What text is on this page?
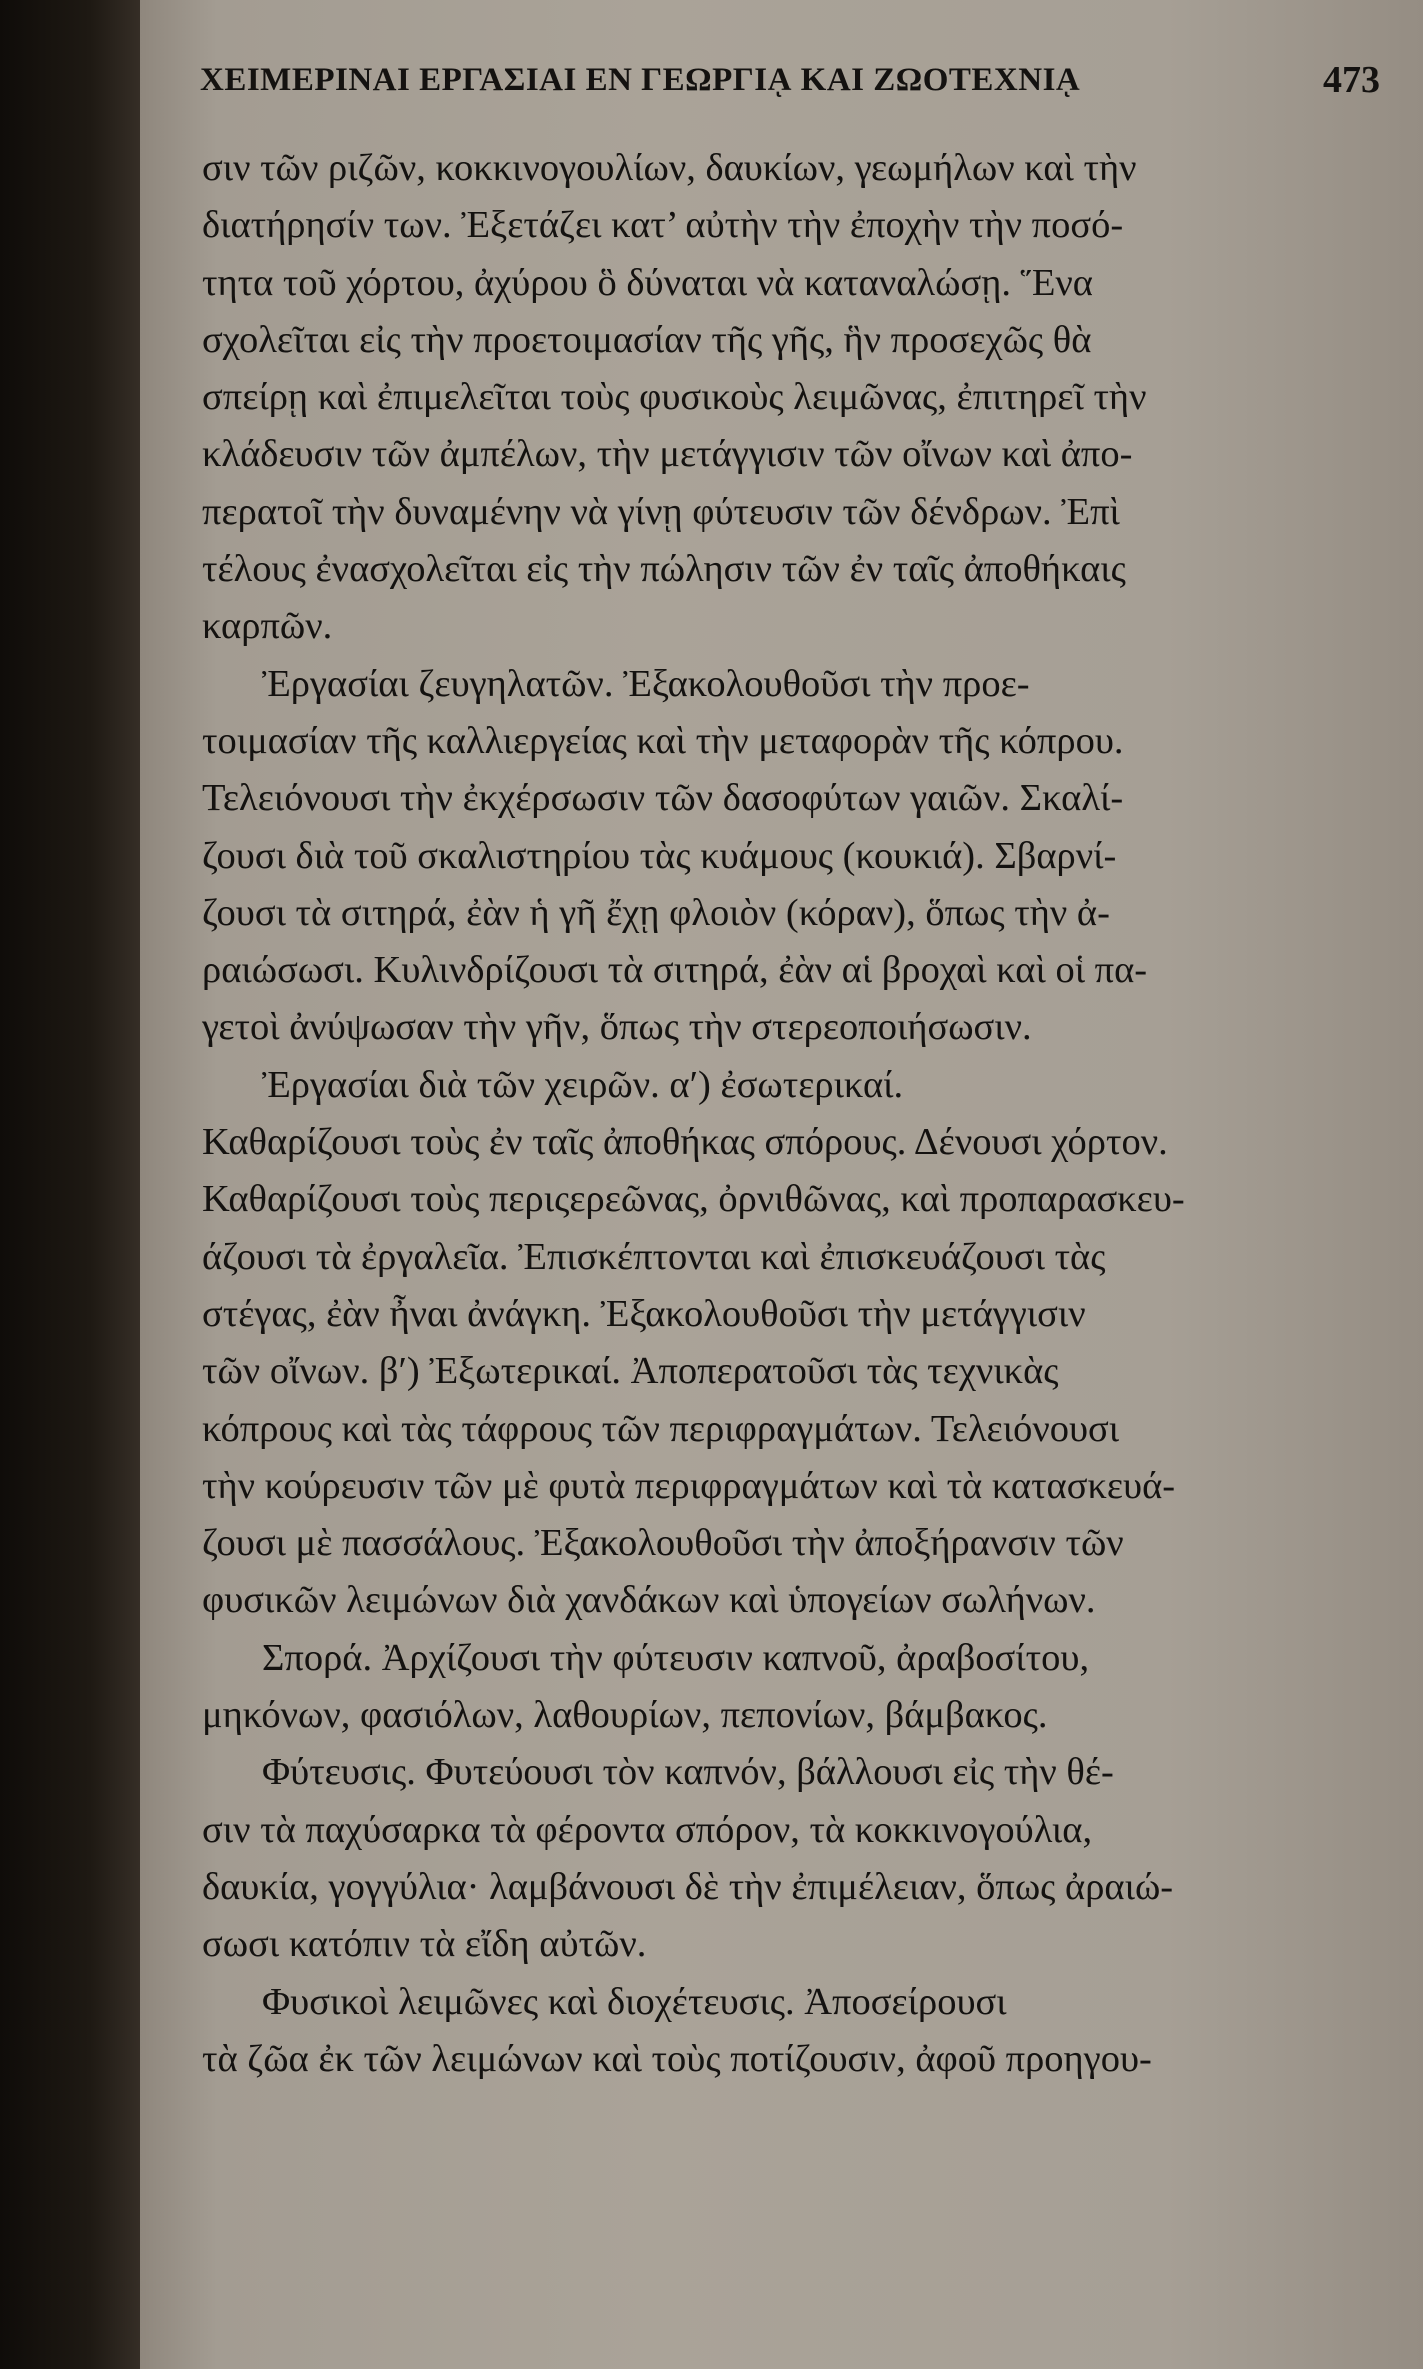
ΧΕΙΜΕΡΙΝΑΙ ΕΡΓΑΣΙΑΙ ΕΝ ΓΕΩΡΓΙᾼ ΚΑΙ ΖΩΟΤΕΧΝΙᾼ	473
σιν τῶν ριζῶν, κοκκινογουλίων, δαυκίων, γεωμήλων καὶ τὴν
διατήρησίν των. Ἐξετάζει κατ’ αὐτὴν τὴν ἐποχὴν τὴν ποσό-
τητα τοῦ χόρτου, ἀχύρου ὃ δύναται νὰ καταναλώσῃ. Ἕνα
σχολεῖται εἰς τὴν προετοιμασίαν τῆς γῆς, ἣν προσεχῶς θὰ
σπείρῃ καὶ ἐπιμελεῖται τοὺς φυσικοὺς λειμῶνας, ἐπιτηρεῖ τὴν
κλάδευσιν τῶν ἀμπέλων, τὴν μετάγγισιν τῶν οἴνων καὶ ἀπο-
περατοῖ τὴν δυναμένην νὰ γίνῃ φύτευσιν τῶν δένδρων. Ἐπὶ
τέλους ἐνασχολεῖται εἰς τὴν πώλησιν τῶν ἐν ταῖς ἀποθήκαις
καρπῶν.
Ἐργασίαι ζευγηλατῶν. Ἐξακολουθοῦσι τὴν προε-
τοιμασίαν τῆς καλλιεργείας καὶ τὴν μεταφορὰν τῆς κόπρου.
Τελειόνουσι τὴν ἐκχέρσωσιν τῶν δασοφύτων γαιῶν. Σκαλί-
ζουσι διὰ τοῦ σκαλιστηρίου τὰς κυάμους (κουκιά). Σβαρνί-
ζουσι τὰ σιτηρά, ἐὰν ἡ γῆ ἔχῃ φλοιὸν (κόραν), ὅπως τὴν ἀ-
ραιώσωσι. Κυλινδρίζουσι τὰ σιτηρά, ἐὰν αἱ βροχαὶ καὶ οἱ πα-
γετοὶ ἀνύψωσαν τὴν γῆν, ὅπως τὴν στερεοποιήσωσιν.
Ἐργασίαι διὰ τῶν χειρῶν. α′) ἐσωτερικαί.
Καθαρίζουσι τοὺς ἐν ταῖς ἀποθήκας σπόρους. Δένουσι χόρτον.
Καθαρίζουσι τοὺς περιςερεῶνας, ὀρνιθῶνας, καὶ προπαρασκευ-
άζουσι τὰ ἐργαλεῖα. Ἐπισκέπτονται καὶ ἐπισκευάζουσι τὰς
στέγας, ἐὰν ἦναι ἀνάγκη. Ἐξακολουθοῦσι τὴν μετάγγισιν
τῶν οἴνων. β′) Ἐξωτερικαί. Ἀποπερατοῦσι τὰς τεχνικὰς
κόπρους καὶ τὰς τάφρους τῶν περιφραγμάτων. Τελειόνουσι
τὴν κούρευσιν τῶν μὲ φυτὰ περιφραγμάτων καὶ τὰ κατασκευά-
ζουσι μὲ πασσάλους. Ἐξακολουθοῦσι τὴν ἀποξήρανσιν τῶν
φυσικῶν λειμώνων διὰ χανδάκων καὶ ὑπογείων σωλήνων.
Σπορά. Ἀρχίζουσι τὴν φύτευσιν καπνοῦ, ἀραβοσίτου,
μηκόνων, φασιόλων, λαθουρίων, πεπονίων, βάμβακος.
Φύτευσις. Φυτεύουσι τὸν καπνόν, βάλλουσι εἰς τὴν θέ-
σιν τὰ παχύσαρκα τὰ φέροντα σπόρον, τὰ κοκκινογούλια,
δαυκία, γογγύλια· λαμβάνουσι δὲ τὴν ἐπιμέλειαν, ὅπως ἀραιώ-
σωσι κατόπιν τὰ εἴδη αὐτῶν.
Φυσικοὶ λειμῶνες καὶ διοχέτευσις. Ἀποσείρουσι
τὰ ζῶα ἐκ τῶν λειμώνων καὶ τοὺς ποτίζουσιν, ἀφοῦ προηγου-
